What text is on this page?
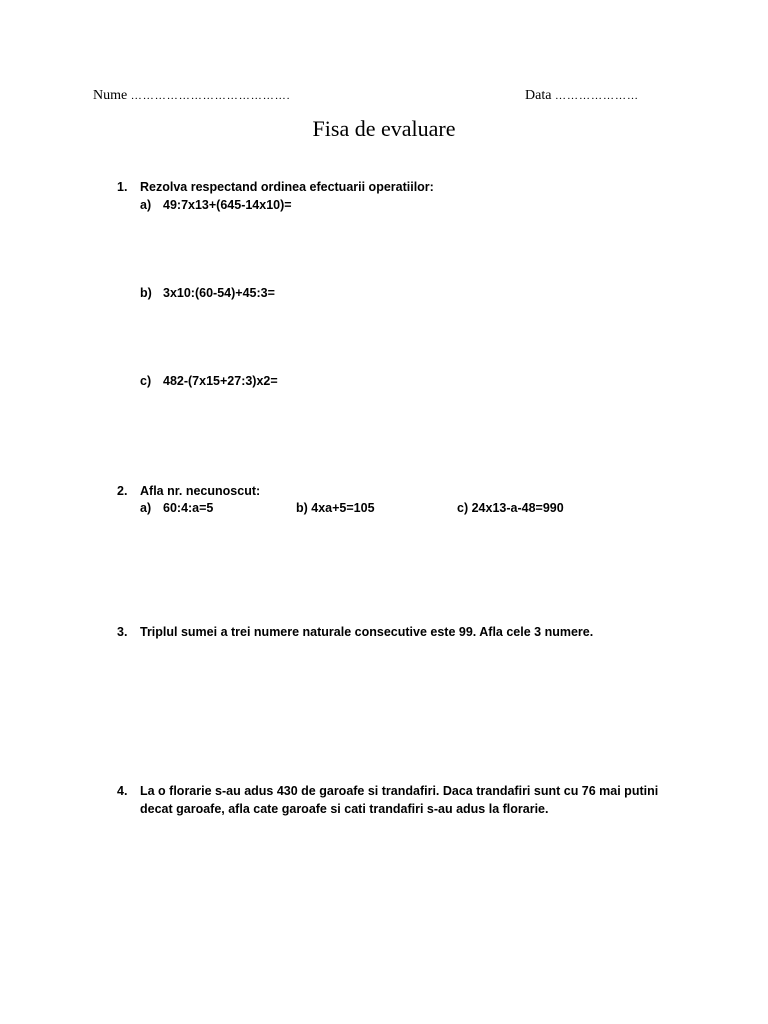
Nume ………………………………….	Data …………………
Fisa de evaluare
1. Rezolva respectand ordinea efectuarii operatiilor:
a) 49:7x13+(645-14x10)=
b) 3x10:(60-54)+45:3=
c) 482-(7x15+27:3)x2=
2. Afla nr. necunoscut:
a) 60:4:a=5	b) 4xa+5=105	c) 24x13-a-48=990
3. Triplul sumei a trei numere naturale consecutive este 99. Afla cele 3 numere.
4. La o florarie s-au adus 430 de garoafe si trandafiri. Daca trandafiri sunt cu 76 mai putini
decat garoafe, afla cate garoafe si cati trandafiri s-au adus la florarie.
